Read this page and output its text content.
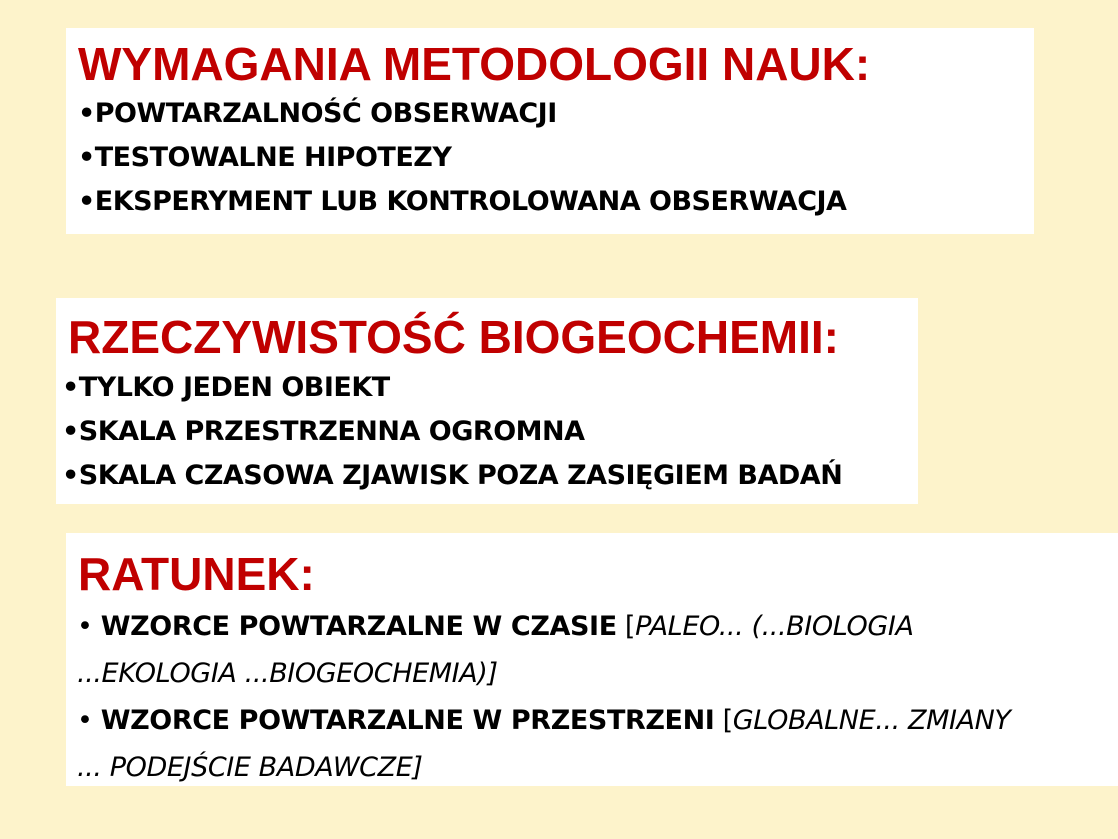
WYMAGANIA METODOLOGII NAUK:

•POWTARZALNOŚĆ OBSERWACJI

•TESTOWALNE HIPOTEZY

•EKSPERYMENT LUB KONTROLOWANA OBSERWACJA

RZECZYWISTOŚĆ BIOGEOCHEMII:

•TYLKO JEDEN OBIEKT

•SKALA PRZESTRZENNA OGROMNA

•SKALA CZASOWA ZJAWISK POZA ZASIĘGIEM BADAŃ

RATUNEK:

• WZORCE POWTARZALNE W CZASIE [PALEO... (...BIOLOGIA

...EKOLOGIA ...BIOGEOCHEMIA)]

• WZORCE POWTARZALNE W PRZESTRZENI [GLOBALNE... ZMIANY

... PODEJŚCIE BADAWCZE]
